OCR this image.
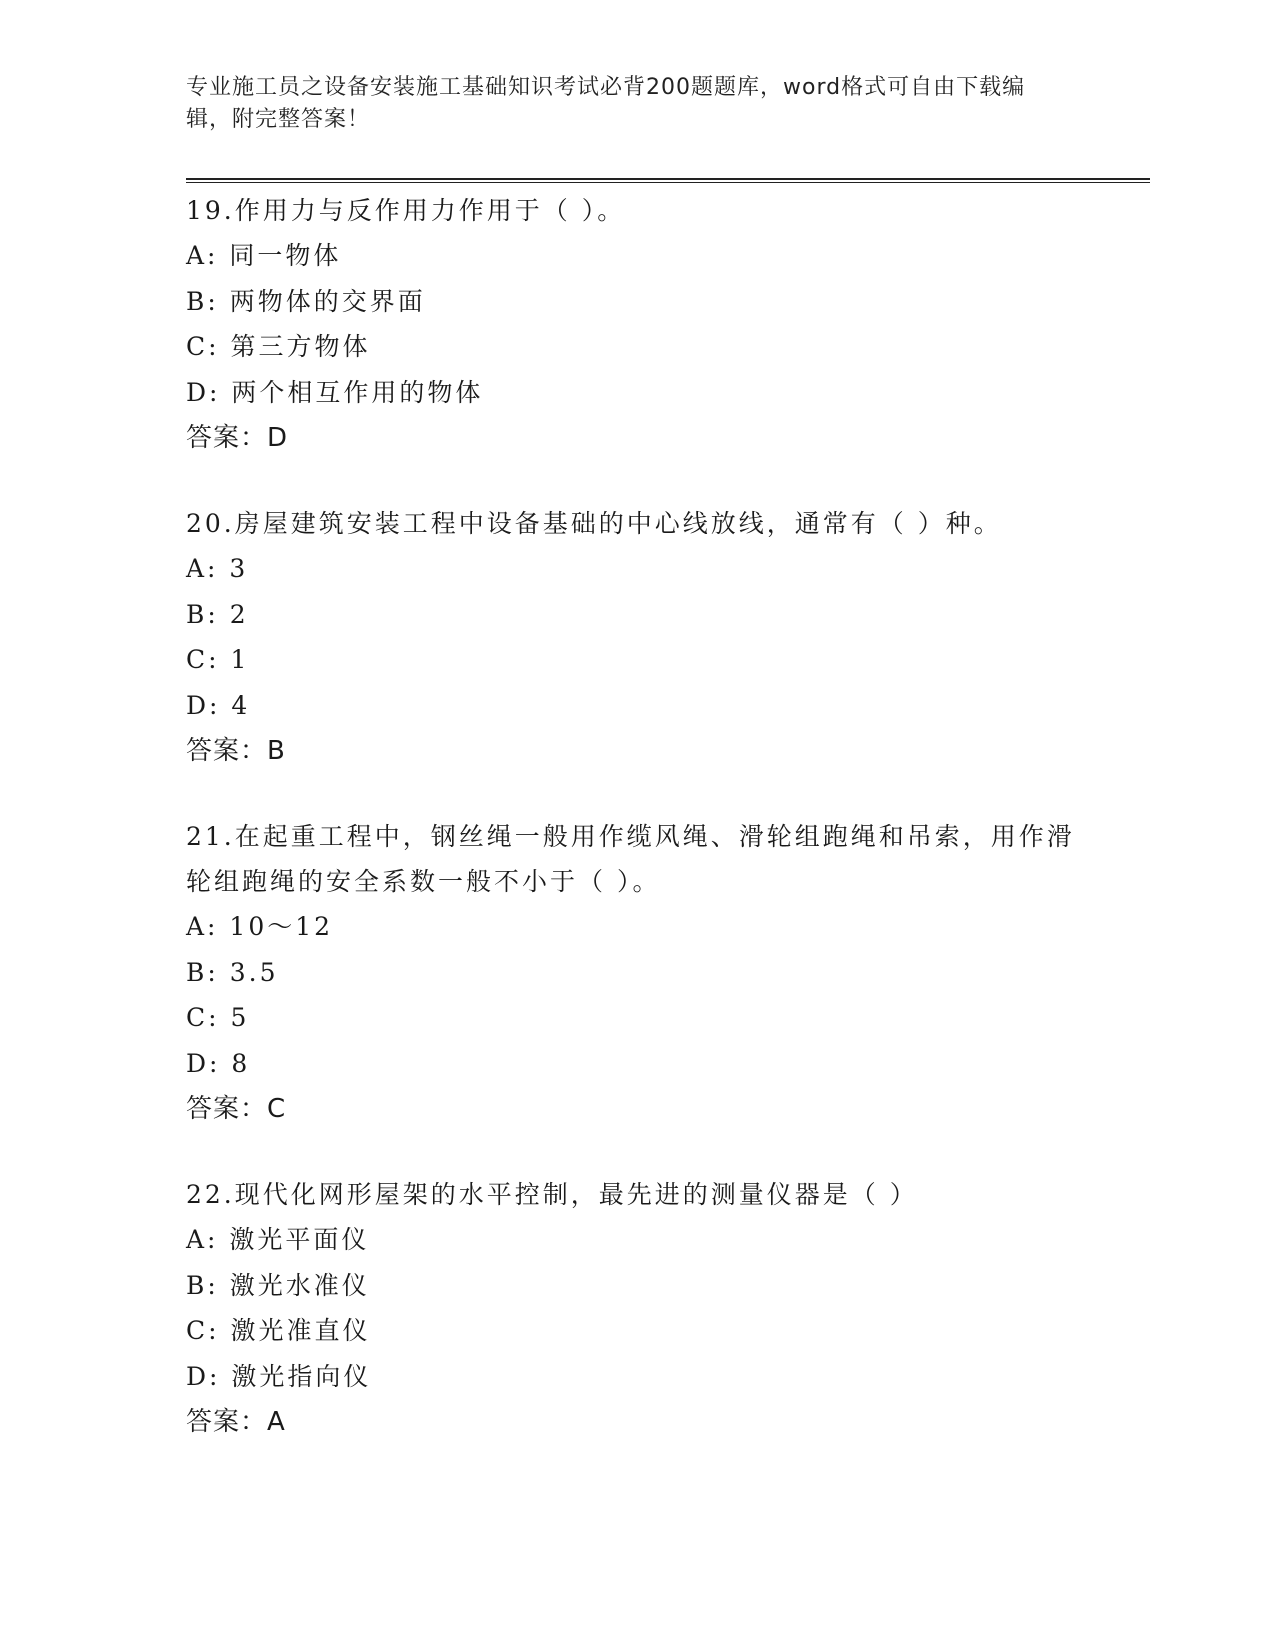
专业施工员之设备安装施工基础知识考试必背200题题库，word格式可自由下载编辑，附完整答案！
19.作用力与反作用力作用于（ ）。
A: 同一物体
B: 两物体的交界面
C: 第三方物体
D: 两个相互作用的物体
答案：D
20.房屋建筑安装工程中设备基础的中心线放线，通常有（ ）种。
A: 3
B: 2
C: 1
D: 4
答案：B
21.在起重工程中，钢丝绳一般用作缆风绳、滑轮组跑绳和吊索，用作滑轮组跑绳的安全系数一般不小于（ ）。
A: 10～12
B: 3.5
C: 5
D: 8
答案：C
22.现代化网形屋架的水平控制，最先进的测量仪器是（ ）
A: 激光平面仪
B: 激光水准仪
C: 激光准直仪
D: 激光指向仪
答案：A
